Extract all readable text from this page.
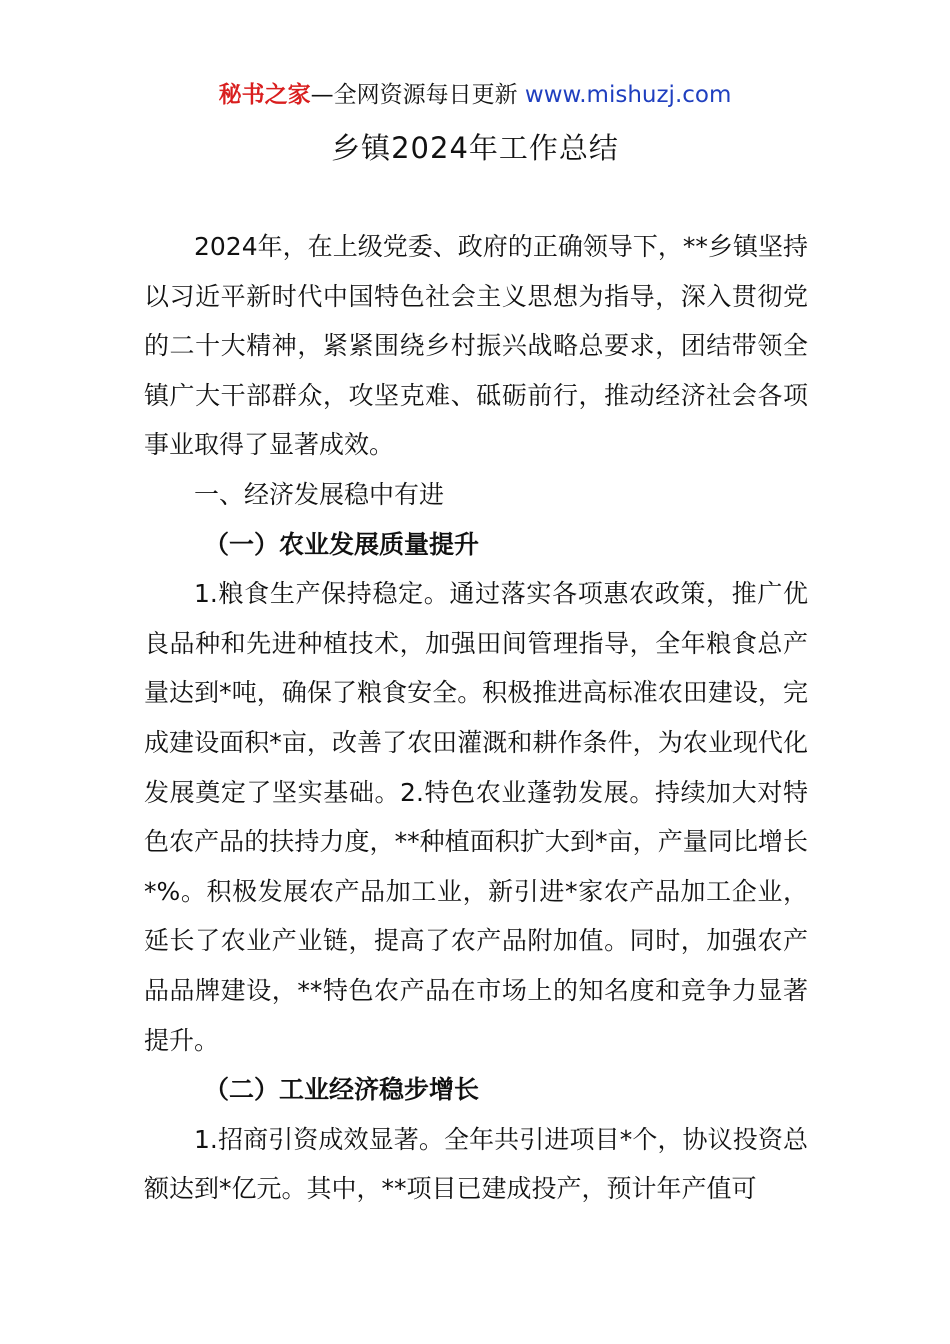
秘书之家—全网资源每日更新 www.mishuzj.com
乡镇2024年工作总结

2024年，在上级党委、政府的正确领导下，**乡镇坚持以习近平新时代中国特色社会主义思想为指导，深入贯彻党的二十大精神，紧紧围绕乡村振兴战略总要求，团结带领全镇广大干部群众，攻坚克难、砥砺前行，推动经济社会各项事业取得了显著成效。

一、经济发展稳中有进

（一）农业发展质量提升

1.粮食生产保持稳定。通过落实各项惠农政策，推广优良品种和先进种植技术，加强田间管理指导，全年粮食总产量达到*吨，确保了粮食安全。积极推进高标准农田建设，完成建设面积*亩，改善了农田灌溉和耕作条件，为农业现代化发展奠定了坚实基础。2.特色农业蓬勃发展。持续加大对特色农产品的扶持力度，**种植面积扩大到*亩，产量同比增长*%。积极发展农产品加工业，新引进*家农产品加工企业，延长了农业产业链，提高了农产品附加值。同时，加强农产品品牌建设，**特色农产品在市场上的知名度和竞争力显著提升。

（二）工业经济稳步增长

1.招商引资成效显著。全年共引进项目*个，协议投资总额达到*亿元。其中，**项目已建成投产，预计年产值可
